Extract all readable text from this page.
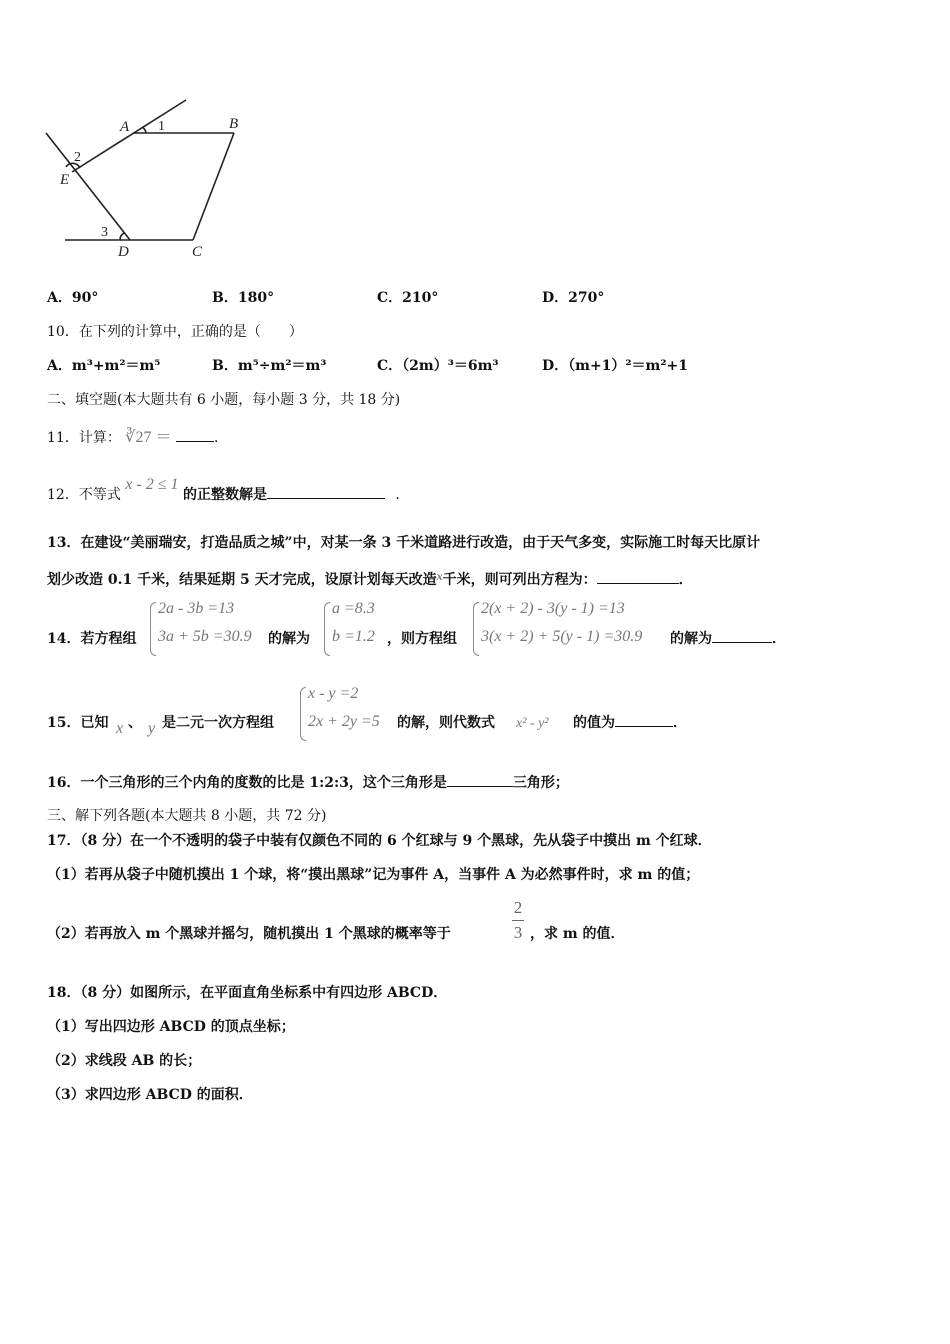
A	B
C
D
E
1
2
3
A．90°	B．180°	C．210°	D．270°
10．在下列的计算中，正确的是（　　）
A．m³+m²＝m⁵	B．m⁵÷m²＝m³	C．（2m）³＝6m³	D．（m+1）²＝m²+1
二、填空题(本大题共有 6 小题，每小题 3 分，共 18 分)
11．计算： ∛27 ＝	．
12．不等式 x - 2 ≤ 1 的正整数解是	．
13．在建设“美丽瑞安，打造品质之城”中，对某一条 3 千米道路进行改造，由于天气多变，实际施工时每天比原计
划少改造 0.1 千米，结果延期 5 天才完成，设原计划每天改造x千米，则可列出方程为：	．
14．若方程组
2a - 3b =13
3a + 5b =30.9 的解为
a =8.3
b =1.2 ，则方程组
2(x + 2) - 3(y - 1) =13
3(x + 2) + 5(y - 1) =30.9 的解为	．
15．已知 x 、 y 是二元一次方程组
x - y =2
2x + 2y =5 的解，则代数式 x² - y² 的值为	．
16．一个三角形的三个内角的度数的比是 1:2:3，这个三角形是	三角形；
三、解下列各题(本大题共 8 小题，共 72 分)
17．（8 分）在一个不透明的袋子中装有仅颜色不同的 6 个红球与 9 个黑球，先从袋子中摸出 m 个红球．
（1）若再从袋子中随机摸出 1 个球，将“摸出黑球”记为事件 A，当事件 A 为必然事件时，求 m 的值；
（2）若再放入 m 个黑球并摇匀，随机摸出 1 个黑球的概率等于
2
3 ，求 m 的值．
18．（8 分）如图所示，在平面直角坐标系中有四边形 ABCD．
（1）写出四边形 ABCD 的顶点坐标；
（2）求线段 AB 的长；
（3）求四边形 ABCD 的面积．
